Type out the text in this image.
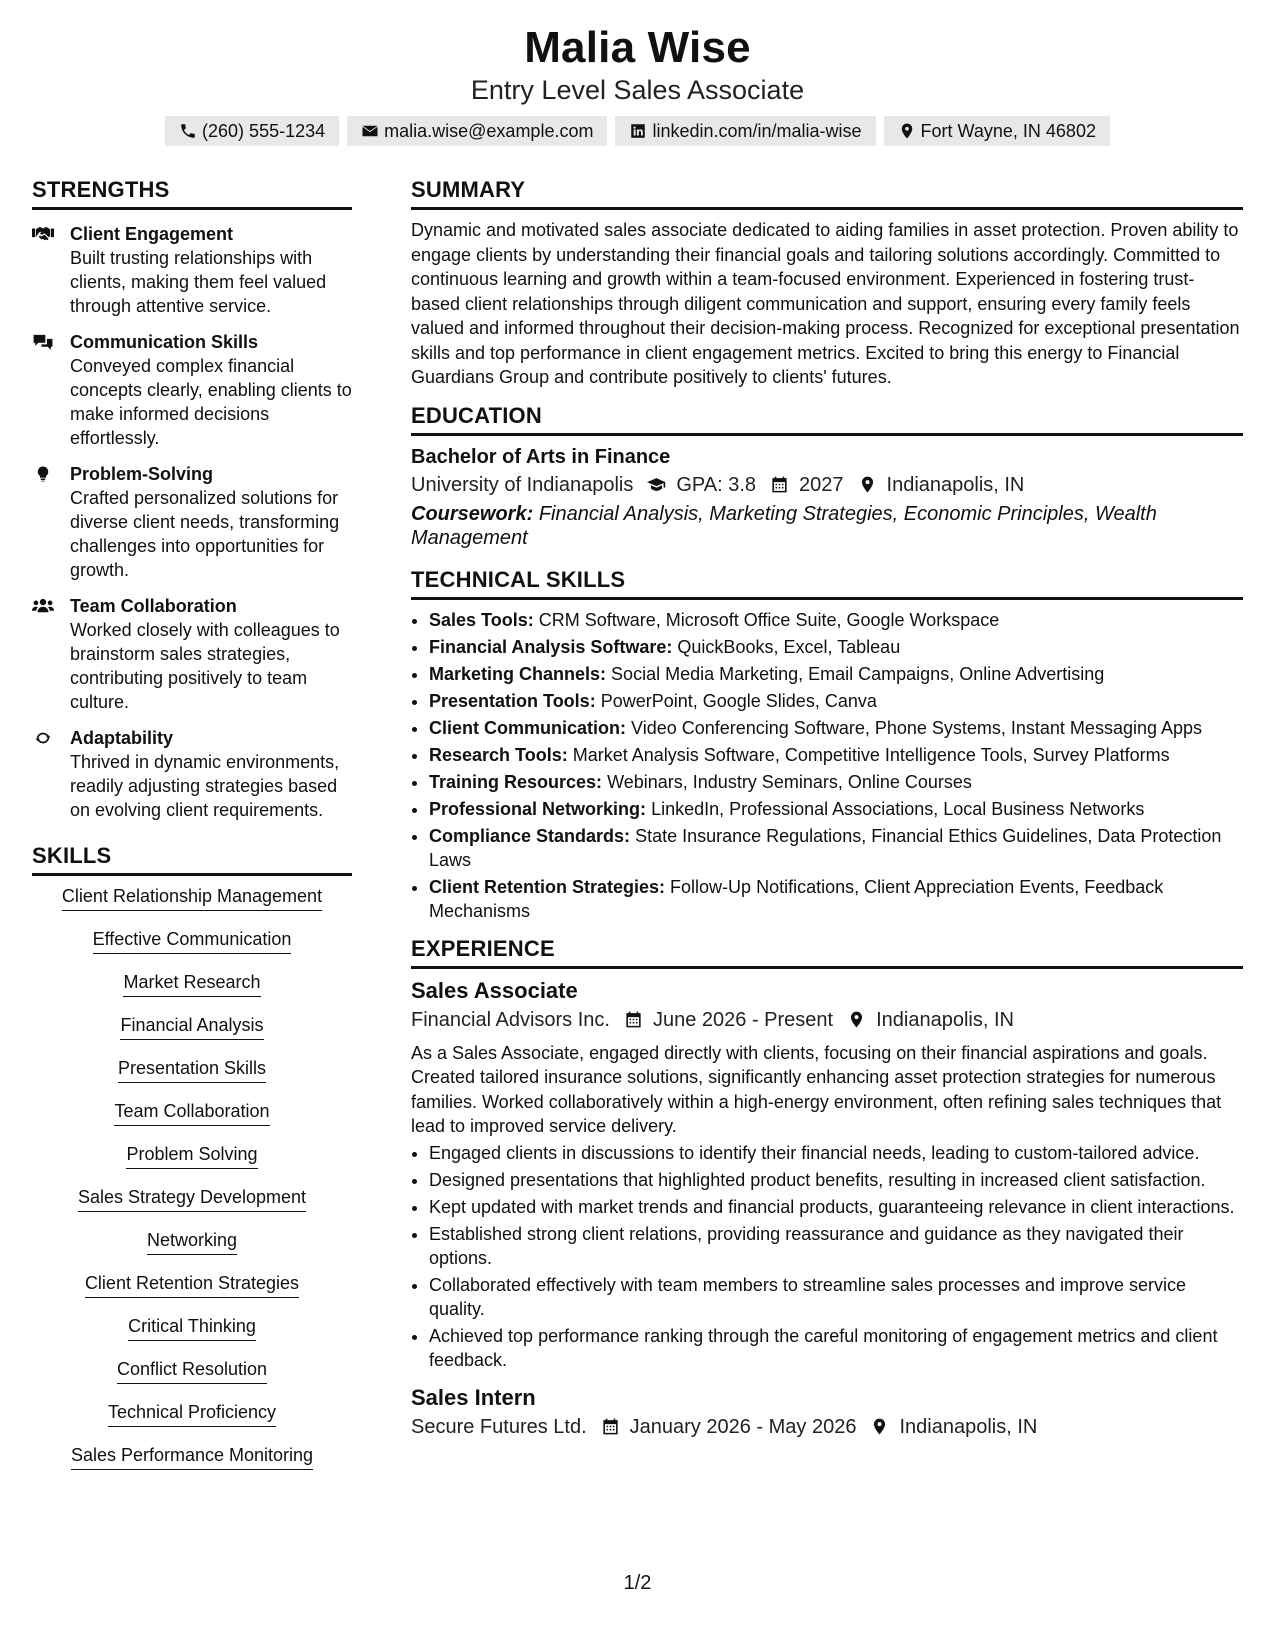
Malia Wise
Entry Level Sales Associate
(260) 555-1234	malia.wise@example.com	linkedin.com/in/malia-wise	Fort Wayne, IN 46802
STRENGTHS
Client Engagement
Built trusting relationships with clients, making them feel valued through attentive service.
Communication Skills
Conveyed complex financial concepts clearly, enabling clients to make informed decisions effortlessly.
Problem-Solving
Crafted personalized solutions for diverse client needs, transforming challenges into opportunities for growth.
Team Collaboration
Worked closely with colleagues to brainstorm sales strategies, contributing positively to team culture.
Adaptability
Thrived in dynamic environments, readily adjusting strategies based on evolving client requirements.
SKILLS
Client Relationship Management
Effective Communication
Market Research
Financial Analysis
Presentation Skills
Team Collaboration
Problem Solving
Sales Strategy Development
Networking
Client Retention Strategies
Critical Thinking
Conflict Resolution
Technical Proficiency
Sales Performance Monitoring
SUMMARY

Dynamic and motivated sales associate dedicated to aiding families in asset protection. Proven ability to engage clients by understanding their financial goals and tailoring solutions accordingly. Committed to continuous learning and growth within a team-focused environment. Experienced in fostering trust-based client relationships through diligent communication and support, ensuring every family feels valued and informed throughout their decision-making process. Recognized for exceptional presentation skills and top performance in client engagement metrics. Excited to bring this energy to Financial Guardians Group and contribute positively to clients' futures.

EDUCATION
Bachelor of Arts in Finance
University of Indianapolis GPA: 3.8 2027 Indianapolis, IN
Coursework: Financial Analysis, Marketing Strategies, Economic Principles, Wealth Management
TECHNICAL SKILLS
• Sales Tools: CRM Software, Microsoft Office Suite, Google Workspace
• Financial Analysis Software: QuickBooks, Excel, Tableau
• Marketing Channels: Social Media Marketing, Email Campaigns, Online Advertising
• Presentation Tools: PowerPoint, Google Slides, Canva
• Client Communication: Video Conferencing Software, Phone Systems, Instant Messaging Apps
• Research Tools: Market Analysis Software, Competitive Intelligence Tools, Survey Platforms
• Training Resources: Webinars, Industry Seminars, Online Courses
• Professional Networking: LinkedIn, Professional Associations, Local Business Networks
• Compliance Standards: State Insurance Regulations, Financial Ethics Guidelines, Data Protection Laws
• Client Retention Strategies: Follow-Up Notifications, Client Appreciation Events, Feedback Mechanisms
EXPERIENCE
Sales Associate
Financial Advisors Inc. June 2026 - Present Indianapolis, IN

As a Sales Associate, engaged directly with clients, focusing on their financial aspirations and goals. Created tailored insurance solutions, significantly enhancing asset protection strategies for numerous families. Worked collaboratively within a high-energy environment, often refining sales techniques that lead to improved service delivery.

• Engaged clients in discussions to identify their financial needs, leading to custom-tailored advice.
• Designed presentations that highlighted product benefits, resulting in increased client satisfaction.
• Kept updated with market trends and financial products, guaranteeing relevance in client interactions.
• Established strong client relations, providing reassurance and guidance as they navigated their options.
• Collaborated effectively with team members to streamline sales processes and improve service quality.
• Achieved top performance ranking through the careful monitoring of engagement metrics and client feedback.
Sales Intern
Secure Futures Ltd. January 2026 - May 2026 Indianapolis, IN
1/2
